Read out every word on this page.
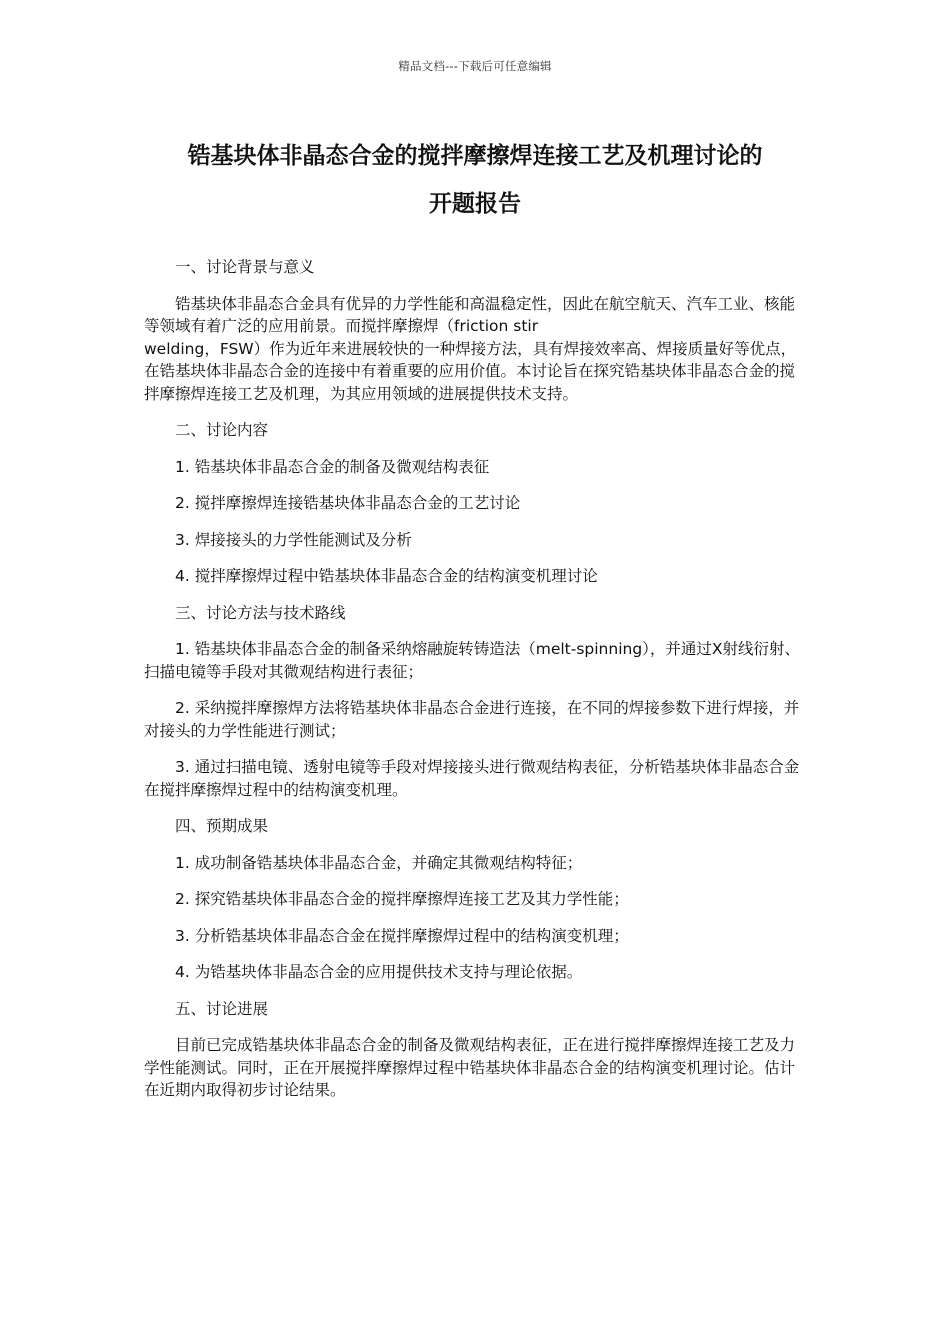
精品文档---下载后可任意编辑
锆基块体非晶态合金的搅拌摩擦焊连接工艺及机理讨论的
开题报告

一、讨论背景与意义

锆基块体非晶态合金具有优异的力学性能和高温稳定性，因此在航空航天、汽车工业、核能等领域有着广泛的应用前景。而搅拌摩擦焊（friction stir
welding，FSW）作为近年来进展较快的一种焊接方法，具有焊接效率高、焊接质量好等优点，在锆基块体非晶态合金的连接中有着重要的应用价值。本讨论旨在探究锆基块体非晶态合金的搅拌摩擦焊连接工艺及机理，为其应用领域的进展提供技术支持。

二、讨论内容

1. 锆基块体非晶态合金的制备及微观结构表征

2. 搅拌摩擦焊连接锆基块体非晶态合金的工艺讨论

3. 焊接接头的力学性能测试及分析

4. 搅拌摩擦焊过程中锆基块体非晶态合金的结构演变机理讨论

三、讨论方法与技术路线

1. 锆基块体非晶态合金的制备采纳熔融旋转铸造法（melt-spinning），并通过X射线衍射、扫描电镜等手段对其微观结构进行表征；

2. 采纳搅拌摩擦焊方法将锆基块体非晶态合金进行连接，在不同的焊接参数下进行焊接，并对接头的力学性能进行测试；

3. 通过扫描电镜、透射电镜等手段对焊接接头进行微观结构表征，分析锆基块体非晶态合金在搅拌摩擦焊过程中的结构演变机理。

四、预期成果

1. 成功制备锆基块体非晶态合金，并确定其微观结构特征；

2. 探究锆基块体非晶态合金的搅拌摩擦焊连接工艺及其力学性能；

3. 分析锆基块体非晶态合金在搅拌摩擦焊过程中的结构演变机理；

4. 为锆基块体非晶态合金的应用提供技术支持与理论依据。

五、讨论进展

目前已完成锆基块体非晶态合金的制备及微观结构表征，正在进行搅拌摩擦焊连接工艺及力学性能测试。同时，正在开展搅拌摩擦焊过程中锆基块体非晶态合金的结构演变机理讨论。估计在近期内取得初步讨论结果。
